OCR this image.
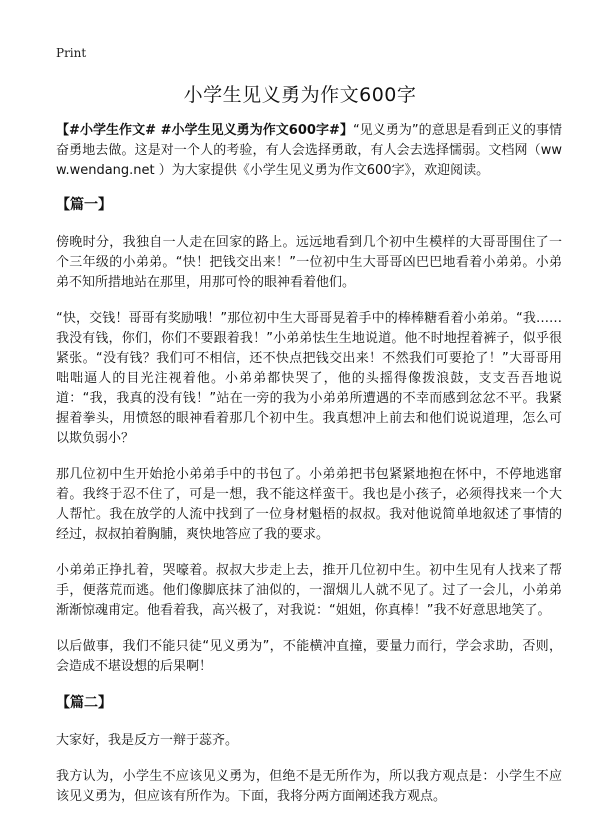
Print
小学生见义勇为作文600字

【#小学生作文# #小学生见义勇为作文600字#】“见义勇为”的意思是看到正义的事情奋勇地去做。这是对一个人的考验，有人会选择勇敢，有人会去选择懦弱。文档网（www.wendang.net ）为大家提供《小学生见义勇为作文600字》，欢迎阅读。

【篇一】

傍晚时分，我独自一人走在回家的路上。远远地看到几个初中生模样的大哥哥围住了一个三年级的小弟弟。“快！把钱交出来！”一位初中生大哥哥凶巴巴地看着小弟弟。小弟弟不知所措地站在那里，用那可怜的眼神看着他们。

“快，交钱！哥哥有奖励哦！”那位初中生大哥哥晃着手中的棒棒糖看着小弟弟。“我……我没有钱，你们，你们不要跟着我！”小弟弟怯生生地说道。他不时地捏着裤子，似乎很紧张。“没有钱？我们可不相信，还不快点把钱交出来！不然我们可要抢了！”大哥哥用咄咄逼人的目光注视着他。小弟弟都快哭了，他的头摇得像拨浪鼓，支支吾吾地说道：“我，我真的没有钱！”站在一旁的我为小弟弟所遭遇的不幸而感到忿忿不平。我紧握着拳头，用愤怒的眼神看着那几个初中生。我真想冲上前去和他们说说道理，怎么可以欺负弱小？

那几位初中生开始抢小弟弟手中的书包了。小弟弟把书包紧紧地抱在怀中，不停地逃窜着。我终于忍不住了，可是一想，我不能这样蛮干。我也是小孩子，必须得找来一个大人帮忙。我在放学的人流中找到了一位身材魁梧的叔叔。我对他说简单地叙述了事情的经过，叔叔拍着胸脯，爽快地答应了我的要求。

小弟弟正挣扎着，哭嚎着。叔叔大步走上去，推开几位初中生。初中生见有人找来了帮手，便落荒而逃。他们像脚底抹了油似的，一溜烟儿人就不见了。过了一会儿，小弟弟渐渐惊魂甫定。他看着我，高兴极了，对我说：“姐姐，你真棒！”我不好意思地笑了。

以后做事，我们不能只徒“见义勇为”，不能横冲直撞，要量力而行，学会求助，否则，会造成不堪设想的后果啊！

【篇二】

大家好，我是反方一辩于蕊齐。

我方认为，小学生不应该见义勇为，但绝不是无所作为，所以我方观点是：小学生不应该见义勇为，但应该有所作为。下面，我将分两方面阐述我方观点。
